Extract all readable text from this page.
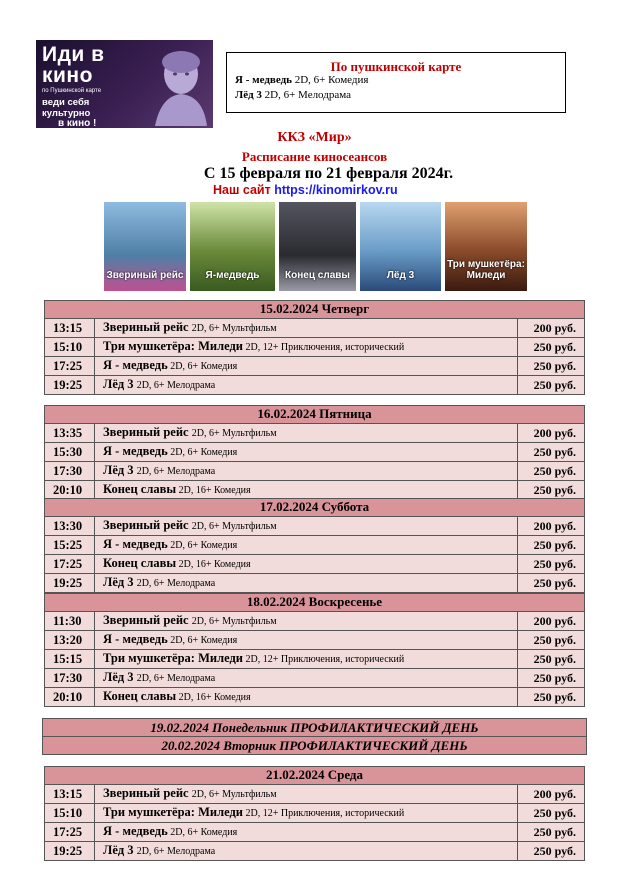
Иди в
кино
по Пушкинской карте
веди себя
культурно
в кино !
По пушкинской карте
Я - медведь 2D, 6+ Комедия
Лёд 3 2D, 6+ Мелодрама
ККЗ «Мир»
Расписание киносеансов
С 15 февраля по 21 февраля 2024г.
Наш сайт https://kinomirkov.ru
Звериный рейс	Я-медведь	Конец славы	Лёд 3
Три мушкетёра: Миледи
15.02.2024 Четверг		
13:15	Звериный рейс 2D, 6+ Мультфильм	200 руб.
15:10	Три мушкетёра: Миледи 2D, 12+ Приключения, исторический	250 руб.
17:25	Я - медведь 2D, 6+ Комедия	250 руб.
19:25	Лёд 3 2D, 6+ Мелодрама	250 руб.
16.02.2024 Пятница		
13:35	Звериный рейс 2D, 6+ Мультфильм	200 руб.
15:30	Я - медведь 2D, 6+ Комедия	250 руб.
17:30	Лёд 3 2D, 6+ Мелодрама	250 руб.
20:10	Конец славы 2D, 16+ Комедия	250 руб.
17.02.2024 Суббота		
13:30	Звериный рейс 2D, 6+ Мультфильм	200 руб.
15:25	Я - медведь 2D, 6+ Комедия	250 руб.
17:25	Конец славы 2D, 16+ Комедия	250 руб.
19:25	Лёд 3 2D, 6+ Мелодрама	250 руб.
18.02.2024 Воскресенье		
11:30	Звериный рейс 2D, 6+ Мультфильм	200 руб.
13:20	Я - медведь 2D, 6+ Комедия	250 руб.
15:15	Три мушкетёра: Миледи 2D, 12+ Приключения, исторический	250 руб.
17:30	Лёд 3 2D, 6+ Мелодрама	250 руб.
20:10	Конец славы 2D, 16+ Комедия	250 руб.
19.02.2024 Понедельник ПРОФИЛАКТИЧЕСКИЙ ДЕНЬ
20.02.2024 Вторник ПРОФИЛАКТИЧЕСКИЙ ДЕНЬ
21.02.2024 Среда		
13:15	Звериный рейс 2D, 6+ Мультфильм	200 руб.
15:10	Три мушкетёра: Миледи 2D, 12+ Приключения, исторический	250 руб.
17:25	Я - медведь 2D, 6+ Комедия	250 руб.
19:25	Лёд 3 2D, 6+ Мелодрама	250 руб.
